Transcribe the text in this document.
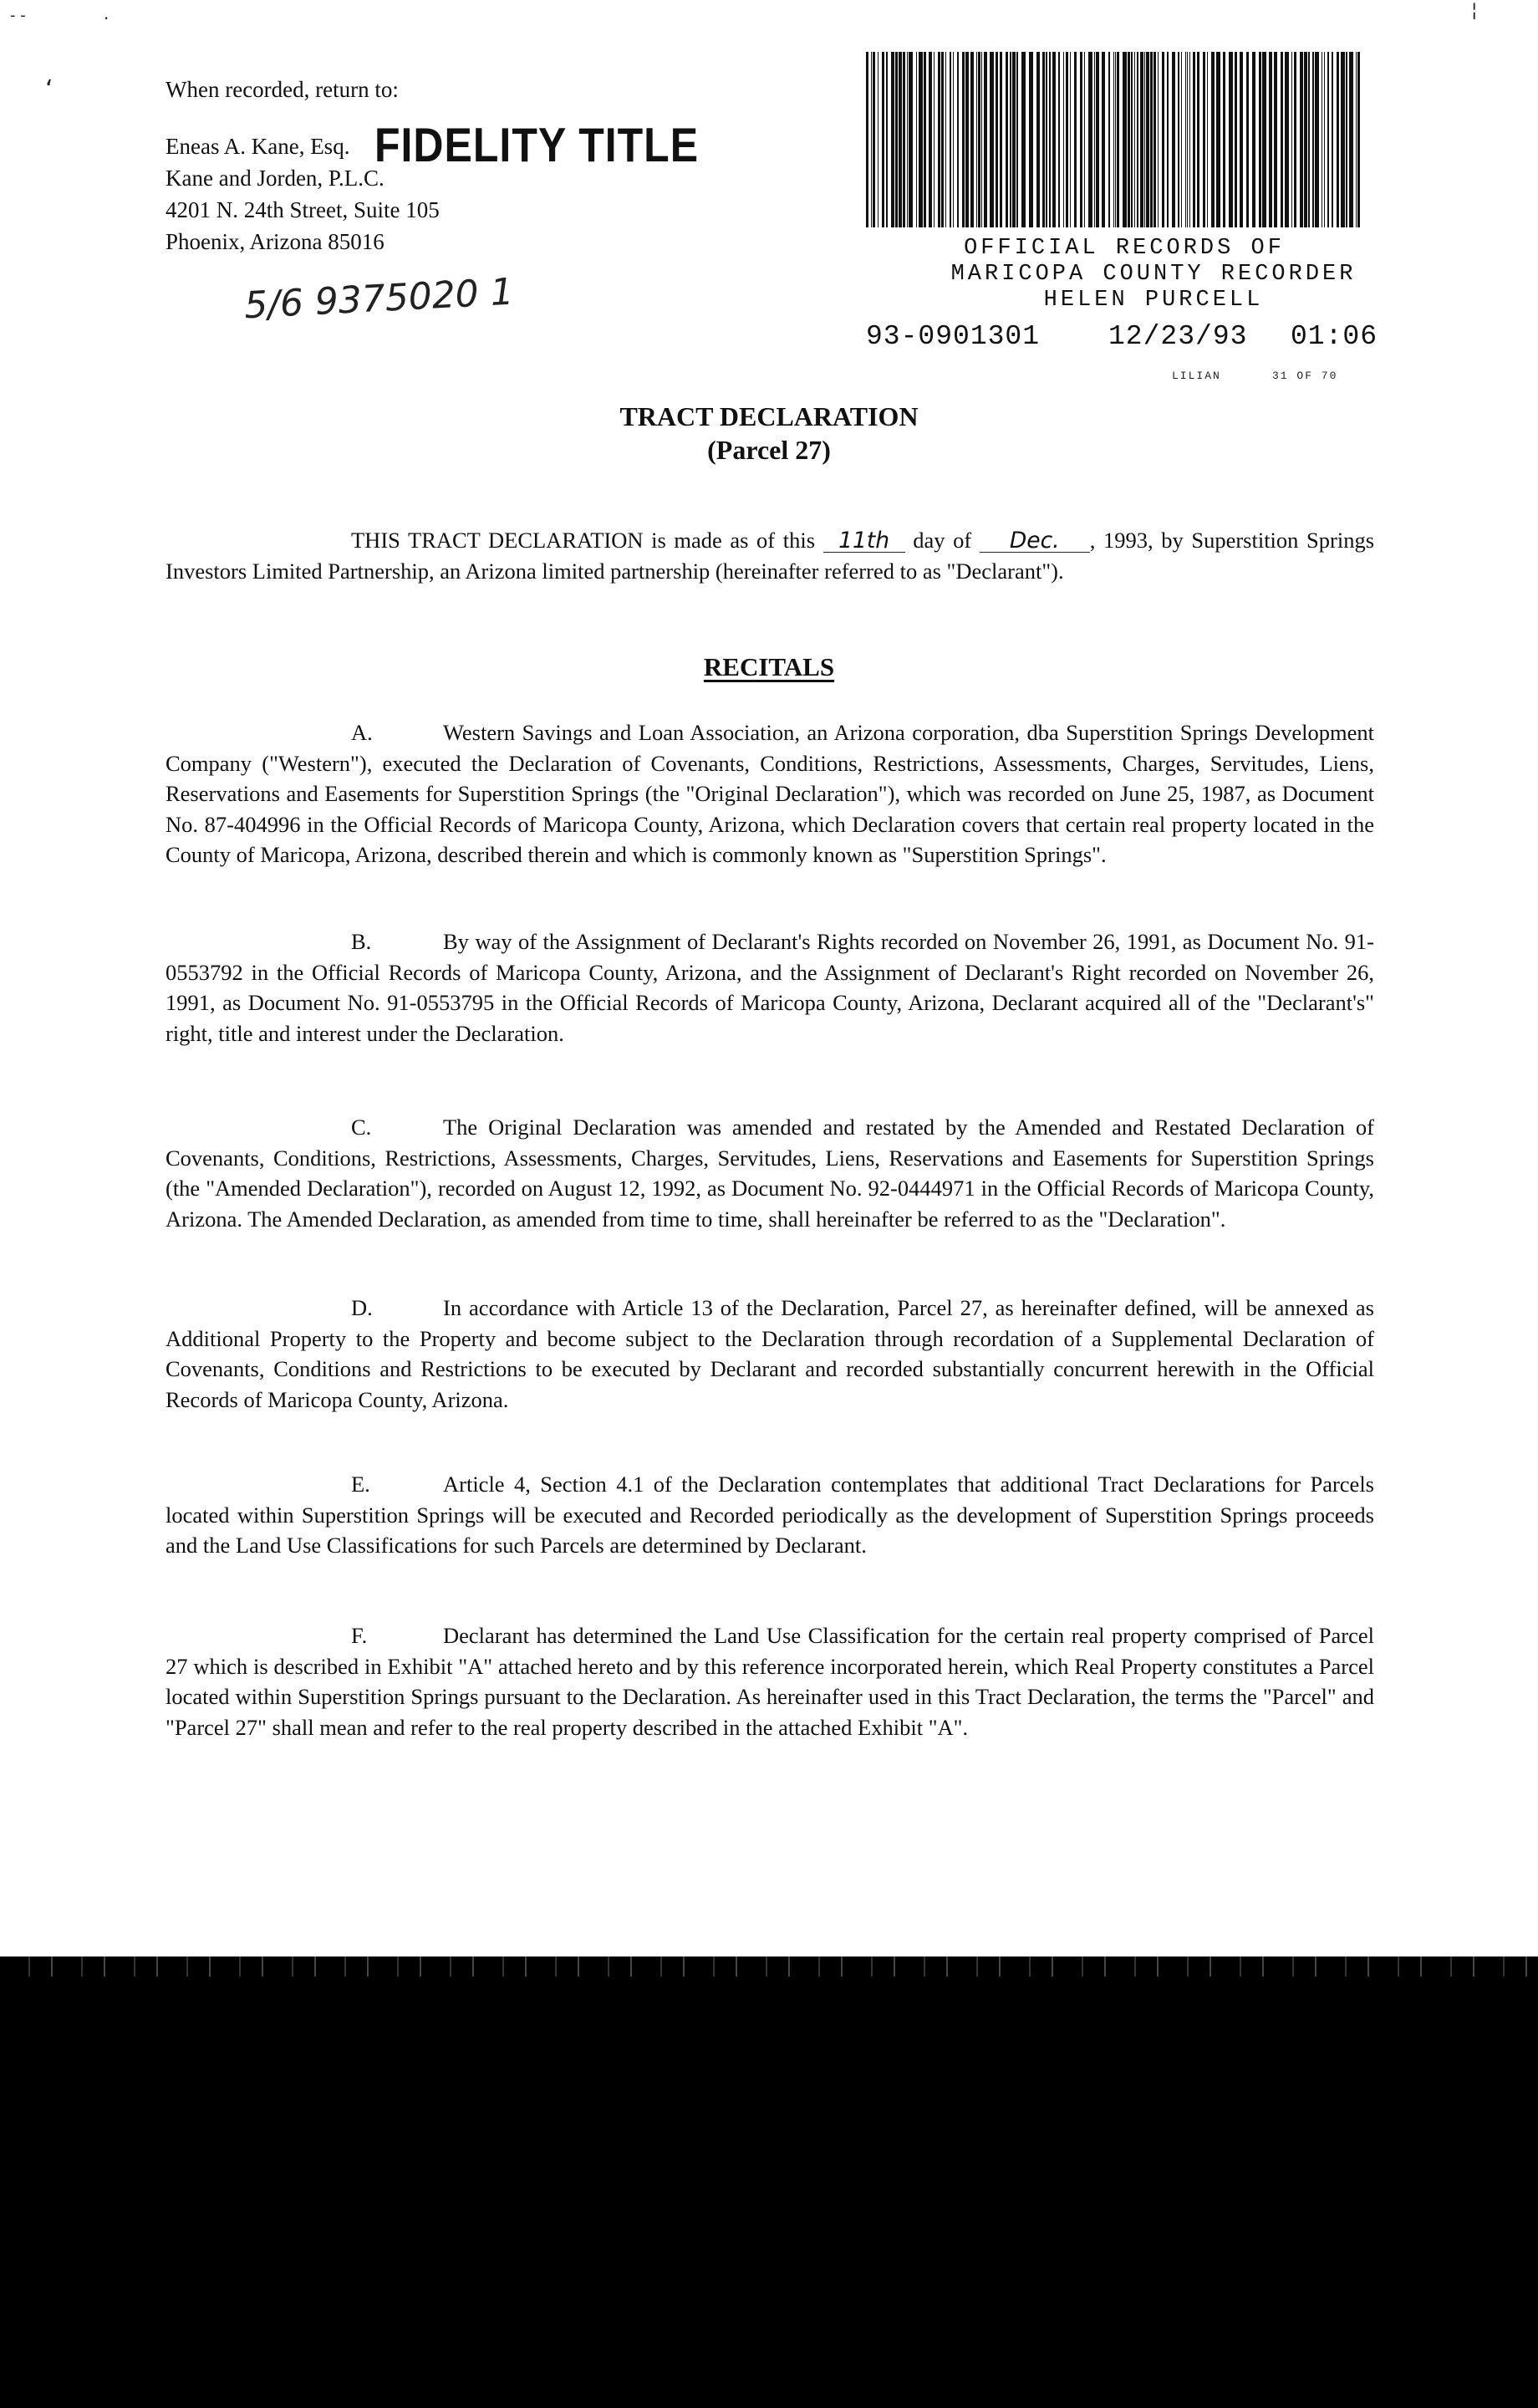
- -	·
‘
¦
When recorded, return to:
Eneas A. Kane, Esq.
Kane and Jorden, P.L.C.
4201 N. 24th Street, Suite 105
Phoenix, Arizona 85016
FIDELITY TITLE
5/6 9375020 1
OFFICIAL RECORDS OF
MARICOPA COUNTY RECORDER
HELEN PURCELL
93-0901301 12/23/93 01:06
LILIAN	31 OF 70
TRACT DECLARATION
(Parcel 27)
THIS TRACT DECLARATION is made as of this 11th day of Dec. , 1993, by Superstition Springs Investors Limited Partnership, an Arizona limited partnership (hereinafter referred to as "Declarant").
RECITALS

A.	Western Savings and Loan Association, an Arizona corporation, dba Superstition Springs Development Company ("Western"), executed the Declaration of Covenants, Conditions, Restrictions, Assessments, Charges, Servitudes, Liens, Reservations and Easements for Superstition Springs (the "Original Declaration"), which was recorded on June 25, 1987, as Document No. 87-404996 in the Official Records of Maricopa County, Arizona, which Declaration covers that certain real property located in the County of Maricopa, Arizona, described therein and which is commonly known as "Superstition Springs".

B.	By way of the Assignment of Declarant's Rights recorded on November 26, 1991, as Document No. 91-0553792 in the Official Records of Maricopa County, Arizona, and the Assignment of Declarant's Right recorded on November 26, 1991, as Document No. 91-0553795 in the Official Records of Maricopa County, Arizona, Declarant acquired all of the "Declarant's" right, title and interest under the Declaration.

C.	The Original Declaration was amended and restated by the Amended and Restated Declaration of Covenants, Conditions, Restrictions, Assessments, Charges, Servitudes, Liens, Reservations and Easements for Superstition Springs (the "Amended Declaration"), recorded on August 12, 1992, as Document No. 92-0444971 in the Official Records of Maricopa County, Arizona. The Amended Declaration, as amended from time to time, shall hereinafter be referred to as the "Declaration".

D.	In accordance with Article 13 of the Declaration, Parcel 27, as hereinafter defined, will be annexed as Additional Property to the Property and become subject to the Declaration through recordation of a Supplemental Declaration of Covenants, Conditions and Restrictions to be executed by Declarant and recorded substantially concurrent herewith in the Official Records of Maricopa County, Arizona.

E.	Article 4, Section 4.1 of the Declaration contemplates that additional Tract Declarations for Parcels located within Superstition Springs will be executed and Recorded periodically as the development of Superstition Springs proceeds and the Land Use Classifications for such Parcels are determined by Declarant.

F.	Declarant has determined the Land Use Classification for the certain real property comprised of Parcel 27 which is described in Exhibit "A" attached hereto and by this reference incorporated herein, which Real Property constitutes a Parcel located within Superstition Springs pursuant to the Declaration. As hereinafter used in this Tract Declaration, the terms the "Parcel" and "Parcel 27" shall mean and refer to the real property described in the attached Exhibit "A".
